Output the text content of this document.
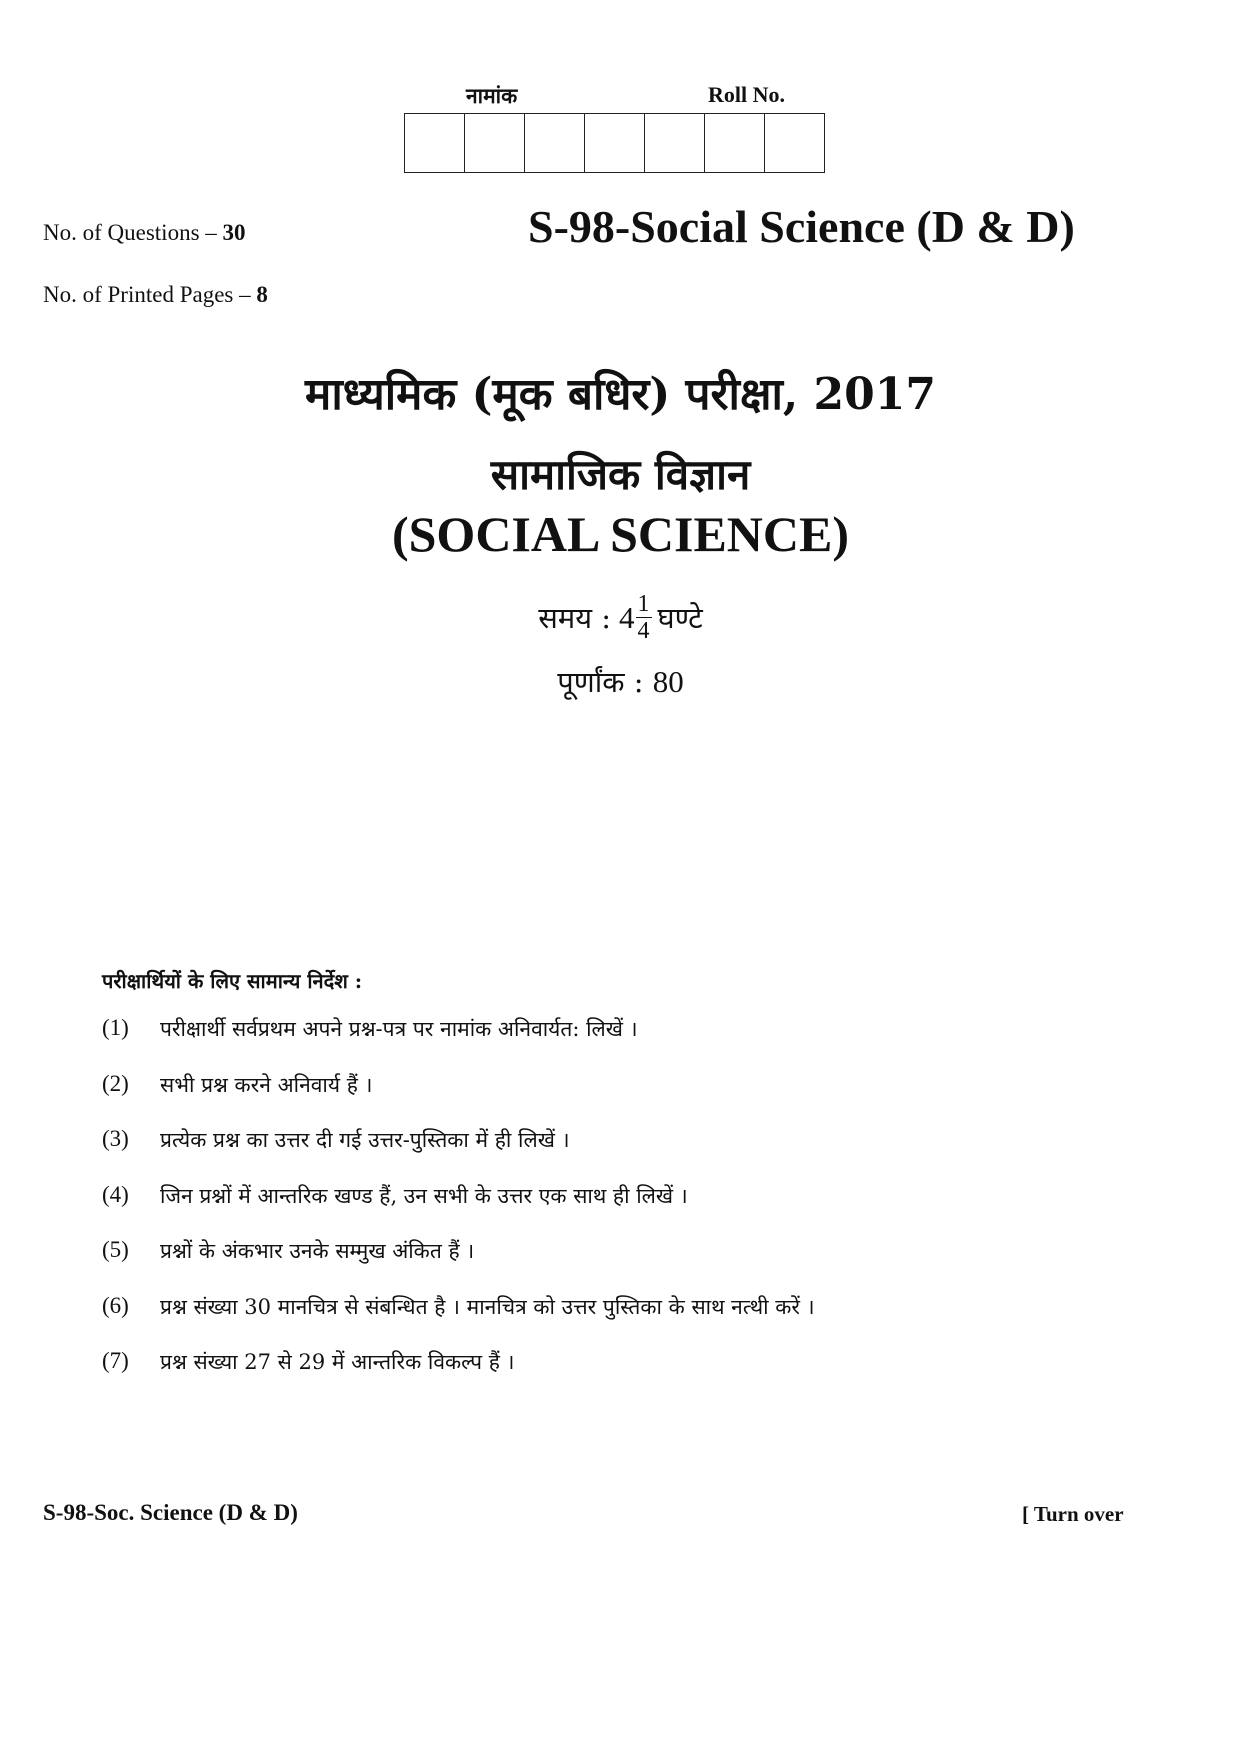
नामांक	Roll No.
No. of Questions – 30
No. of Printed Pages – 8
S-98-Social Science (D & D)
माध्यमिक (मूक बधिर) परीक्षा, 2017
सामाजिक विज्ञान
(SOCIAL SCIENCE)
समय : $4 \frac{1}{4}$ घण्टे
पूर्णांक : 80
परीक्षार्थियों के लिए सामान्य निर्देश :
(1)	परीक्षार्थी सर्वप्रथम अपने प्रश्न-पत्र पर नामांक अनिवार्यत: लिखें ।
(2)	सभी प्रश्न करने अनिवार्य हैं ।
(3)	प्रत्येक प्रश्न का उत्तर दी गई उत्तर-पुस्तिका में ही लिखें ।
(4)	जिन प्रश्नों में आन्तरिक खण्ड हैं, उन सभी के उत्तर एक साथ ही लिखें ।
(5)	प्रश्नों के अंकभार उनके सम्मुख अंकित हैं ।
(6)	प्रश्न संख्या 30 मानचित्र से संबन्धित है । मानचित्र को उत्तर पुस्तिका के साथ नत्थी करें ।
(7)	प्रश्न संख्या 27 से 29 में आन्तरिक विकल्प हैं ।
S-98-Soc. Science (D & D)	[ Turn over
